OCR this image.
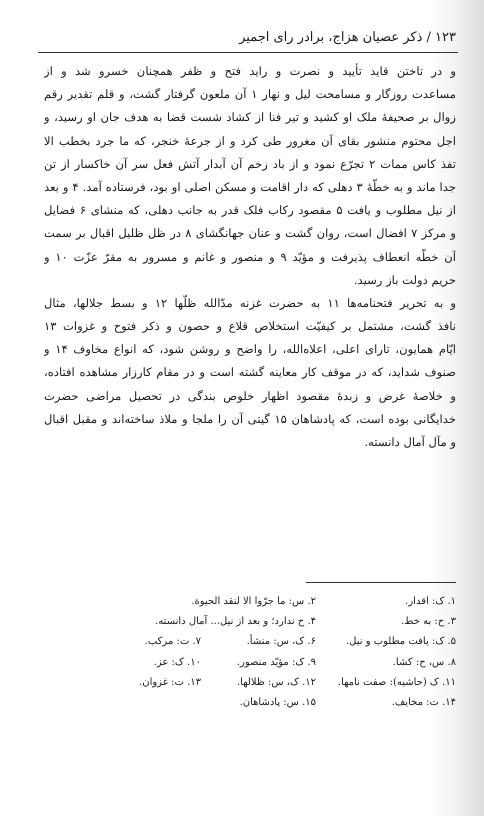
۱۲۳ / ذکر عصیان هزاج، برادر رای اجمیر
و در تاختن قاید تأیید و نصرت و راید فتح و ظفر همچنان خسرو شد و از
مساعدت روزگار و مسامحت لیل و نهار ۱ آن ملعون گرفتار گشت، و قلم تقدیر رقم
زوال بر صحیفهٔ ملک او کشید و تیر فنا از کشاد شست قضا به هدف جان او رسید، و
اجل محتوم منشور بقای آن مغرور طی کرد و از جرعهٔ خنجر، که ما جرد بخطب الا
تفذ کاس ممات ۲ تجرّع نمود و از باد زخم آن آبدار آتش فعل سر آن خاکسار از تن
جدا ماند و به خطّهٔ ۳ دهلی که دار اقامت و مسکن اصلی او بود، فرستاده آمد. ۴ و بعد
از نیل مطلوب و یافت ۵ مقصود رکاب فلک قدر به جانب دهلی، که منشای ۶ فضایل
و مرکز ۷ افضال است، روان گشت و عنان جهانگشای ۸ در ظل ظلیل اقبال بر سمت
آن خطّه انعطاف پذیرفت و مؤیّد ۹ و منصور و غانم و مسرور به مقرّ عزّت ۱۰ و
حریم دولت باز رسید.
و به تحریر فتحنامه‌ها ۱۱ به حضرت غزنه مدّالله ظلّها ۱۲ و بسط جلالها، مثال
نافذ گشت، مشتمل بر کیفیّت استخلاص قلاع و حصون و ذکر فتوح و غزوات ۱۳
ایّام همایون، تارای اعلی، اعلاه‌الله، را واضح و روشن شود، که انواع مخاوف ۱۴ و
صنوف شداید، که در موقف کار معاینه گشته است و در مقام کارزار مشاهده افتاده،
و خلاصهٔ غرض و زبدهٔ مقصود اظهار خلوص بندگی در تحصیل مراضی حضرت
خدایگانی بوده است، که پادشاهان ۱۵ گیتی آن را ملجا و ملاذ ساخته‌اند و مقبل اقبال
و مآل آمال دانسته.
۱. ک: اقدار.
۲. س: ما جرّوا الا لنقد الحیوة.
۳. ح: به خط.
۴. ح ندارد؛ و بعد از نیل... آمال دانسته.
۵. ک: یافت مطلوب و نیل.
۶. ک، س: منشأ.
۷. ت: مرکب.
۸. س، ح: کشا.
۹. ک: مؤیّد منصور.
۱۰. ک: عز.
۱۱. ک (حاشیه): صفت نامها.
۱۲. ک، س: ظلالها.
۱۳. ت: غزوان.
۱۴. ت: مخایف.
۱۵. س: پادشاهان.
